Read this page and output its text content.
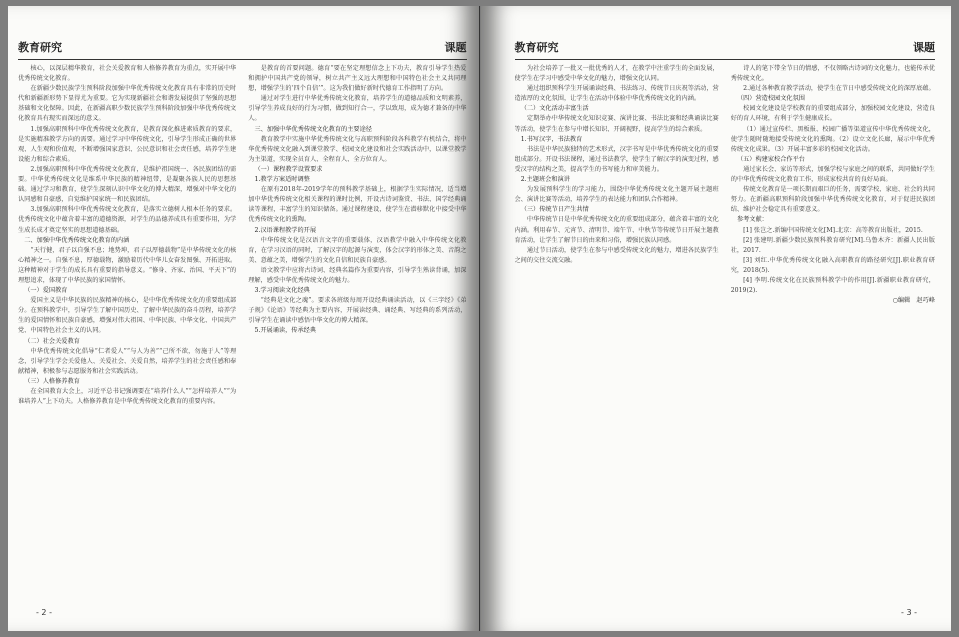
教育研究	课题

核心，以深层精华教育，社会关爱教育和人格修养教育为重点，实开展中华优秀传统文化教育。

在新疆少数民族学生预科阶段加强中华优秀传统文化教育具有非常的历史时代和新疆新形势下显得尤为重要。它为实现新疆社会和谐发展提供了坚强的思想基础和文化保障。因此，在新疆高职少数民族学生预科阶段加强中华优秀传统文化教育具有现实而深远的意义。

1.加强高职预科中华优秀传统文化教育，是教育深化推进素质教育的要求，是实施精准教学方向的需要。通过学习中华传统文化，引导学生形成正确的世界观、人生观和价值观，不断增强国家意识、公民意识和社会责任感，培养学生建设能力和综合素质。

2.加强高职预科中华优秀传统文化教育，是维护祖国统一、各民族团结的需要。中华优秀传统文化是维系中华民族的精神纽带，是凝聚各族人民的思想基础。通过学习和教育，使学生深刻认识中华文化的博大精深，增强对中华文化的认同感和自豪感，自觉维护国家统一和民族团结。

3.加强高职预科中华优秀传统文化教育，是落实立德树人根本任务的要求。优秀传统文化中蕴含着丰富的道德资源，对学生的品德养成具有重要作用，为学生成长成才奠定坚实的思想道德基础。

二、加强中华优秀传统文化教育的内涵

“天行健，君子以自强不息；地势坤，君子以厚德载物”是中华传统文化的核心精神之一。自强不息，厚德载物，激励着历代中华儿女奋发图强、开拓进取。这种精神对于学生的成长具有重要的指导意义。“修身、齐家、治国、平天下”的理想追求，体现了中华民族的家国情怀。

（一）爱国教育

爱国主义是中华民族的民族精神的核心，是中华优秀传统文化的重要组成部分。在预科教学中，引导学生了解中国历史、了解中华民族的奋斗历程，培养学生的爱国情怀和民族自豪感，增强对伟大祖国、中华民族、中华文化、中国共产党、中国特色社会主义的认同。

（二）社会关爱教育

中华优秀传统文化倡导“仁者爱人”“与人为善”“己所不欲，勿施于人”等理念，引导学生学会关爱他人、关爱社会、关爱自然，培养学生的社会责任感和奉献精神，积极参与志愿服务和社会实践活动。

（三）人格修养教育

在全国教育大会上，习近平总书记强调要在“培养什么人”“怎样培养人”“为谁培养人”上下功夫。人格修养教育是中华优秀传统文化教育的重要内容。

是教育的首要问题。德育“要在坚定理想信念上下功夫，教育引导学生热爱和拥护中国共产党的领导，树立共产主义远大理想和中国特色社会主义共同理想，增强学生的‘四个自信’”。这为我们做好新时代德育工作指明了方向。

通过对学生进行中华优秀传统文化教育，培养学生的道德品质和文明素养，引导学生养成良好的行为习惯，做到知行合一，学以致用，成为德才兼备的中华人。

三、加强中华优秀传统文化教育的主要途径

教育教学中实施中华优秀传统文化与高职预科阶段各科教学有机结合，将中华优秀传统文化融入到课堂教学、校园文化建设和社会实践活动中，以课堂教学为主渠道，实现全员育人、全程育人、全方位育人。

（一）课程教学设置要求

1.教学方案适时调整

在原有2018年-2019学年的预科教学基础上，根据学生实际情况，适当增加中华优秀传统文化相关课程的课时比例，开设古诗词鉴赏、书法、国学经典诵读等课程，丰富学生的知识储备。通过课程建设，使学生在潜移默化中接受中华优秀传统文化的熏陶。

2.汉语课程教学的开展

中华传统文化是汉语言文字的重要载体，汉语教学中融入中华传统文化教育，在学习汉语的同时，了解汉字的起源与演变，体会汉字的形体之美、音韵之美、意蕴之美，增强学生的文化自信和民族自豪感。

语文教学中应将古诗词、经典名篇作为重要内容，引导学生熟读背诵，加深理解，感受中华优秀传统文化的魅力。

3.学习阅读文化经典

“经典是文化之魂”。要求各班级每周开设经典诵读活动，以《三字经》《弟子规》《论语》等经典为主要内容，开展读经典、诵经典、写经典的系列活动，引导学生在诵读中感悟中华文化的博大精深。

5.开展诵读，传承经典

- 2 -
教育研究	课题

为社会培养了一批又一批优秀的人才，在教学中注重学生的全面发展，使学生在学习中感受中华文化的魅力，增强文化认同。

通过组织预科学生开展诵读经典、书法练习、传统节日庆祝等活动，营造浓厚的文化氛围，让学生在活动中体验中华优秀传统文化的内涵。

（二）文化活动丰富生活

定期举办中华传统文化知识竞赛、演讲比赛、书法比赛和经典诵读比赛等活动，使学生在参与中增长知识、开阔视野，提高学生的综合素质。

1.书写汉字，书法教育

书法是中华民族独特的艺术形式，汉字书写是中华优秀传统文化的重要组成部分。开设书法课程，通过书法教学，使学生了解汉字的演变过程，感受汉字的结构之美，提高学生的书写能力和审美能力。

2.主题班会和演讲

为发展预科学生的学习能力，围绕中华优秀传统文化主题开展主题班会、演讲比赛等活动，培养学生的表达能力和团队合作精神。

（三）传统节日产生共情

中华传统节日是中华优秀传统文化的重要组成部分，蕴含着丰富的文化内涵。利用春节、元宵节、清明节、端午节、中秋节等传统节日开展主题教育活动，让学生了解节日的由来和习俗，增强民族认同感。

通过节日活动，使学生在参与中感受传统文化的魅力，增进各民族学生之间的交往交流交融。

诗人的笔下带全节日的情感，不仅领略古诗词的文化魅力，也能传承优秀传统文化。

2.通过各种教育教学活动，使学生在节日中感受传统文化的深厚底蕴。

（四）营造校园文化氛围

校园文化建设是学校教育的重要组成部分，加强校园文化建设，营造良好的育人环境，有利于学生健康成长。

（1）通过宣传栏、黑板报、校园广播等渠道宣传中华优秀传统文化，使学生随时随地接受传统文化的熏陶。（2）设立文化长廊，展示中华优秀传统文化成果。（3）开展丰富多彩的校园文化活动。

（五）构建家校合作平台

通过家长会、家访等形式，加强学校与家庭之间的联系，共同做好学生的中华优秀传统文化教育工作，形成家校共育的良好局面。

传统文化教育是一项长期而艰巨的任务，需要学校、家庭、社会的共同努力。在新疆高职预科阶段加强中华优秀传统文化教育，对于促进民族团结、维护社会稳定具有重要意义。

参考文献：

[1] 张岂之.新编中国传统文化[M].北京：高等教育出版社，2015.

[2] 张建明.新疆少数民族预科教育研究[M].乌鲁木齐：新疆人民出版社，2017.

[3] 刘红.中华优秀传统文化融入高职教育的路径研究[J].职业教育研究，2018(5).

[4] 李明.传统文化在民族预科教学中的作用[J].新疆职业教育研究，2019(2).

○编辑　赵巧峰

- 3 -
